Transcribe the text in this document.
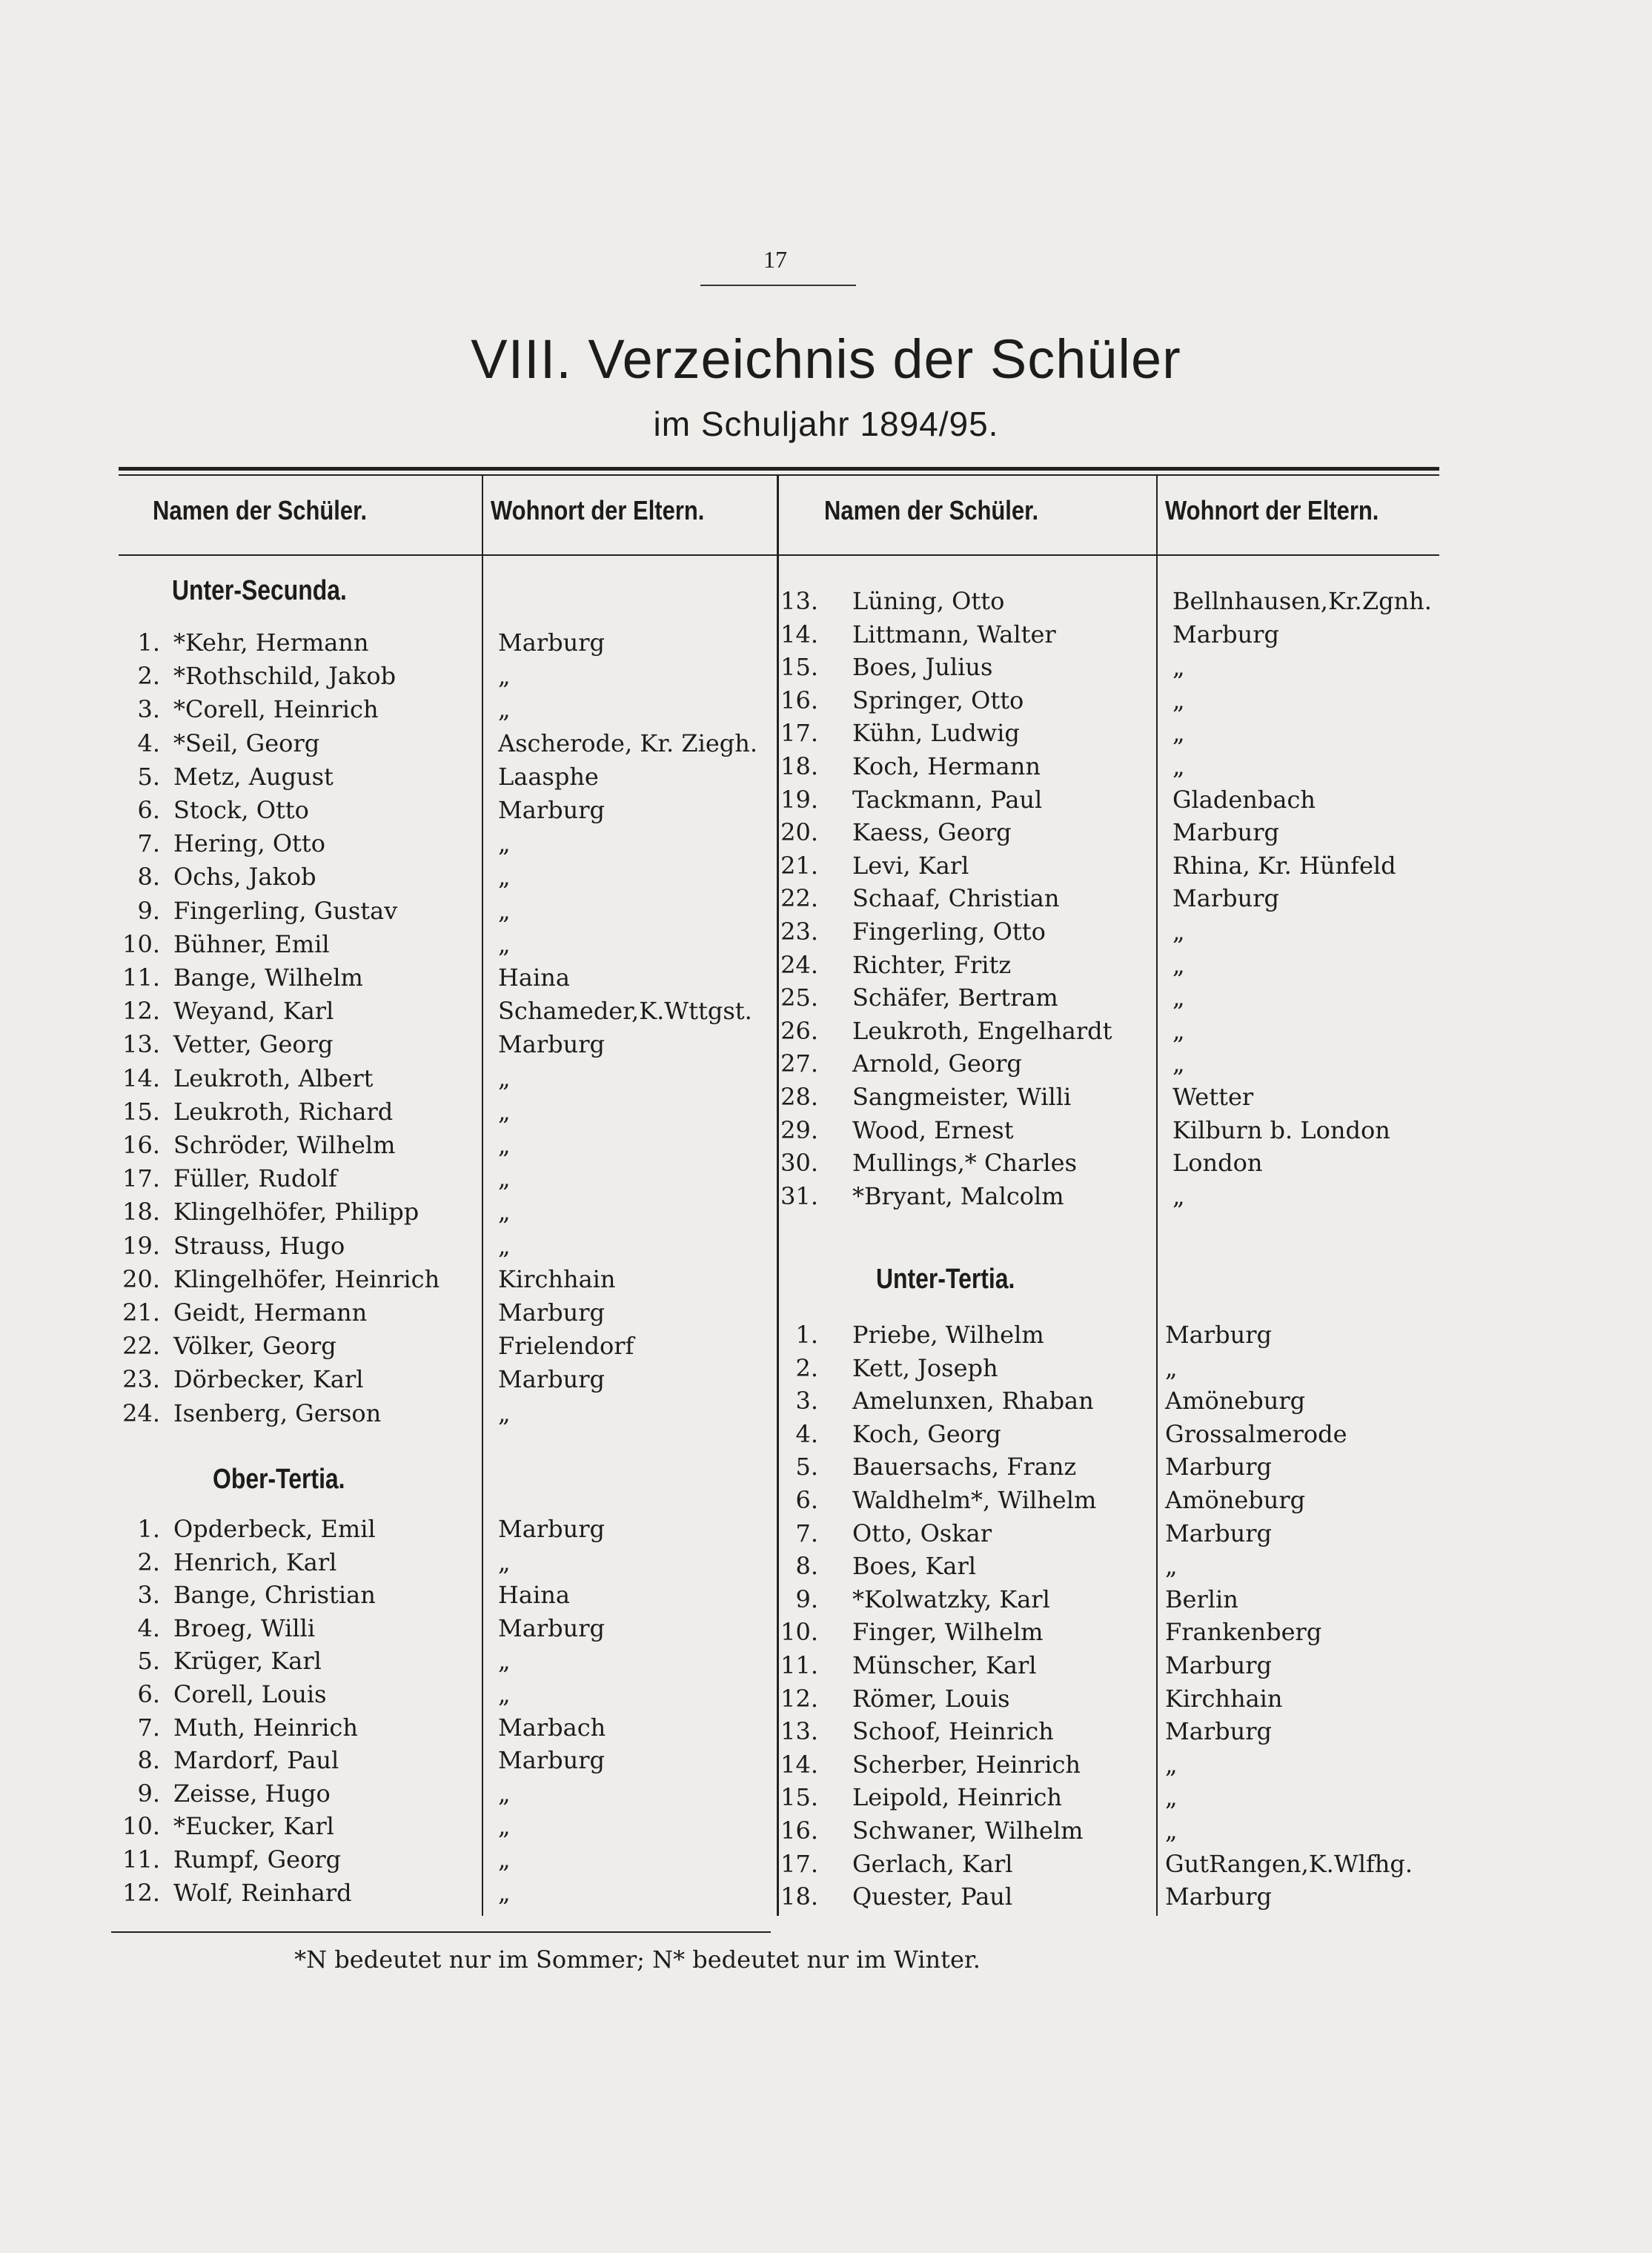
17
VIII. Verzeichnis der Schüler
im Schuljahr 1894/95.
Namen der Schüler.	Wohnort der Eltern.	Namen der Schüler.	Wohnort der Eltern.
Unter-Secunda.
Ober-Tertia.
Unter-Tertia.
1. *Kehr, Hermann	Marburg
2. *Rothschild, Jakob	„
3. *Corell, Heinrich	„
4. *Seil, Georg	Ascherode, Kr. Ziegh.
5. Metz, August	Laasphe
6. Stock, Otto	Marburg
7. Hering, Otto	„
8. Ochs, Jakob	„
9. Fingerling, Gustav	„
10. Bühner, Emil	„
11. Bange, Wilhelm	Haina
12. Weyand, Karl	Schameder,K.Wttgst.
13. Vetter, Georg	Marburg
14. Leukroth, Albert	„
15. Leukroth, Richard	„
16. Schröder, Wilhelm	„
17. Füller, Rudolf	„
18. Klingelhöfer, Philipp	„
19. Strauss, Hugo	„
20. Klingelhöfer, Heinrich Kirchhain
21. Geidt, Hermann	Marburg
22. Völker, Georg	Frielendorf
23. Dörbecker, Karl	Marburg
24. Isenberg, Gerson	„
1. Opderbeck, Emil	Marburg
2. Henrich, Karl	„
3. Bange, Christian	Haina
4. Broeg, Willi	Marburg
5. Krüger, Karl	„
6. Corell, Louis	„
7. Muth, Heinrich	Marbach
8. Mardorf, Paul	Marburg
9. Zeisse, Hugo	„
10. *Eucker, Karl	„
11. Rumpf, Georg	„
12. Wolf, Reinhard	„
13. Lüning, Otto	Bellnhausen,Kr.Zgnh.
14. Littmann, Walter	Marburg
15. Boes, Julius	„
16. Springer, Otto	„
17. Kühn, Ludwig	„
18. Koch, Hermann	„
19. Tackmann, Paul	Gladenbach
20. Kaess, Georg	Marburg
21. Levi, Karl	Rhina, Kr. Hünfeld
22. Schaaf, Christian	Marburg
23. Fingerling, Otto	„
24. Richter, Fritz	„
25. Schäfer, Bertram	„
26. Leukroth, Engelhardt	„
27. Arnold, Georg	„
28. Sangmeister, Willi	Wetter
29. Wood, Ernest	Kilburn b. London
30. Mullings,* Charles	London
31. *Bryant, Malcolm	„
1. Priebe, Wilhelm	Marburg
2. Kett, Joseph	„
3. Amelunxen, Rhaban	Amöneburg
4. Koch, Georg	Grossalmerode
5. Bauersachs, Franz	Marburg
6. Waldhelm*, Wilhelm	Amöneburg
7. Otto, Oskar	Marburg
8. Boes, Karl	„
9. *Kolwatzky, Karl	Berlin
10. Finger, Wilhelm	Frankenberg
11. Münscher, Karl	Marburg
12. Römer, Louis	Kirchhain
13. Schoof, Heinrich	Marburg
14. Scherber, Heinrich	„
15. Leipold, Heinrich	„
16. Schwaner, Wilhelm	„
17. Gerlach, Karl	GutRangen,K.Wlfhg.
18. Quester, Paul	Marburg
*N bedeutet nur im Sommer; N* bedeutet nur im Winter.
